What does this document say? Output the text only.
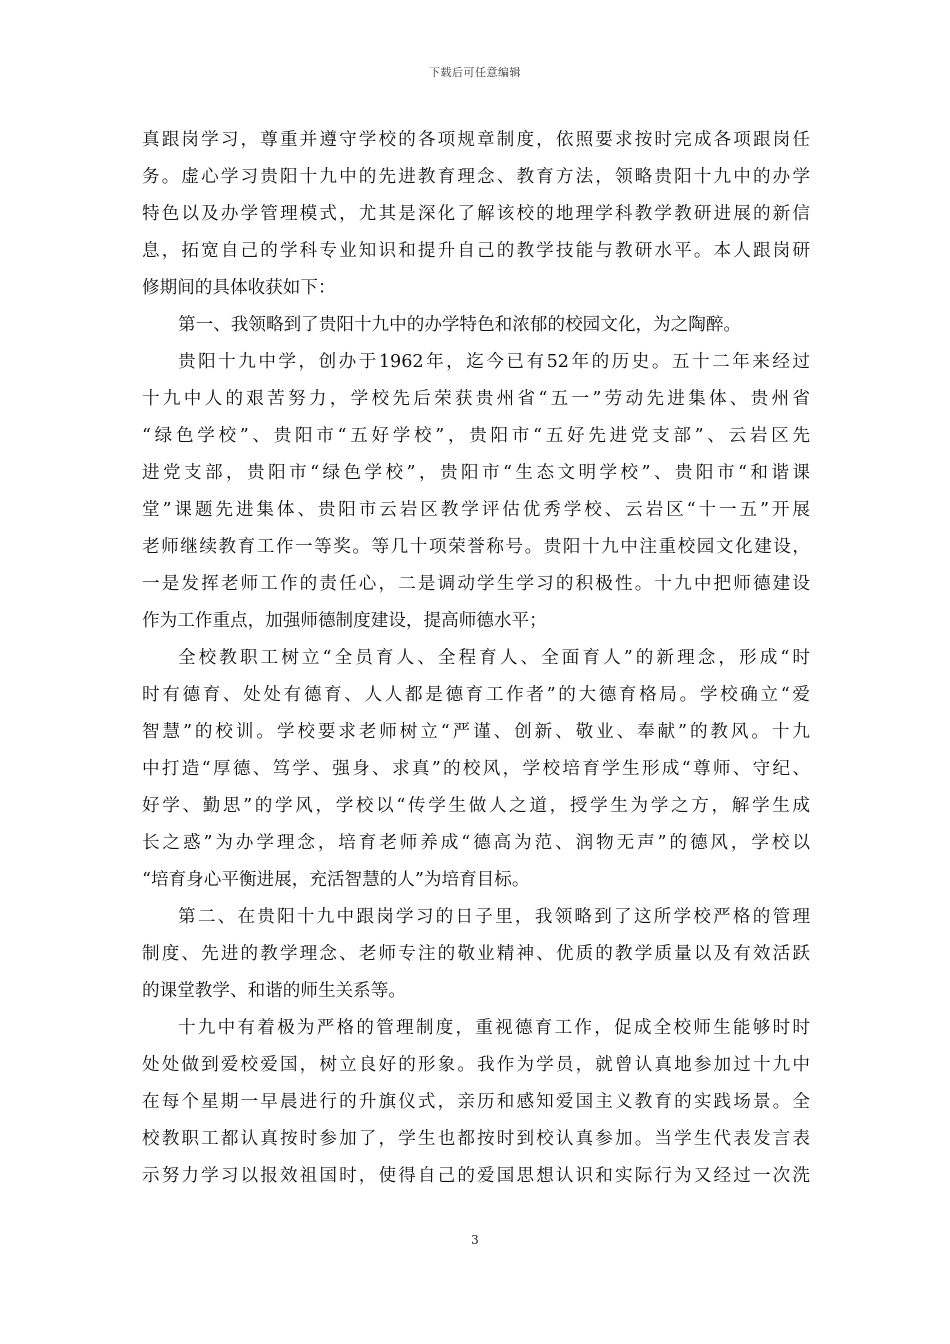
下载后可任意编辑
真跟岗学习，尊重并遵守学校的各项规章制度，依照要求按时完成各项跟岗任
务。虚心学习贵阳十九中的先进教育理念、教育方法，领略贵阳十九中的办学
特色以及办学管理模式，尤其是深化了解该校的地理学科教学教研进展的新信
息，拓宽自己的学科专业知识和提升自己的教学技能与教研水平。本人跟岗研
修期间的具体收获如下：
第一、我领略到了贵阳十九中的办学特色和浓郁的校园文化，为之陶醉。
贵阳十九中学，创办于1962年，迄今已有52年的历史。五十二年来经过
十九中人的艰苦努力，学校先后荣获贵州省“五一”劳动先进集体、贵州省
“绿色学校”、贵阳市“五好学校”，贵阳市“五好先进党支部”、云岩区先
进党支部，贵阳市“绿色学校”，贵阳市“生态文明学校”、贵阳市“和谐课
堂”课题先进集体、贵阳市云岩区教学评估优秀学校、云岩区“十一五”开展
老师继续教育工作一等奖。等几十项荣誉称号。贵阳十九中注重校园文化建设，
一是发挥老师工作的责任心，二是调动学生学习的积极性。十九中把师德建设
作为工作重点，加强师德制度建设，提高师德水平；
全校教职工树立“全员育人、全程育人、全面育人”的新理念，形成“时
时有德育、处处有德育、人人都是德育工作者”的大德育格局。学校确立“爱
智慧”的校训。学校要求老师树立“严谨、创新、敬业、奉献”的教风。十九
中打造“厚德、笃学、强身、求真”的校风，学校培育学生形成“尊师、守纪、
好学、勤思”的学风，学校以“传学生做人之道，授学生为学之方，解学生成
长之惑”为办学理念，培育老师养成“德高为范、润物无声”的德风，学校以
“培育身心平衡进展，充活智慧的人”为培育目标。
第二、在贵阳十九中跟岗学习的日子里，我领略到了这所学校严格的管理
制度、先进的教学理念、老师专注的敬业精神、优质的教学质量以及有效活跃
的课堂教学、和谐的师生关系等。
十九中有着极为严格的管理制度，重视德育工作，促成全校师生能够时时
处处做到爱校爱国，树立良好的形象。我作为学员，就曾认真地参加过十九中
在每个星期一早晨进行的升旗仪式，亲历和感知爱国主义教育的实践场景。全
校教职工都认真按时参加了，学生也都按时到校认真参加。当学生代表发言表
示努力学习以报效祖国时，使得自己的爱国思想认识和实际行为又经过一次洗
3
